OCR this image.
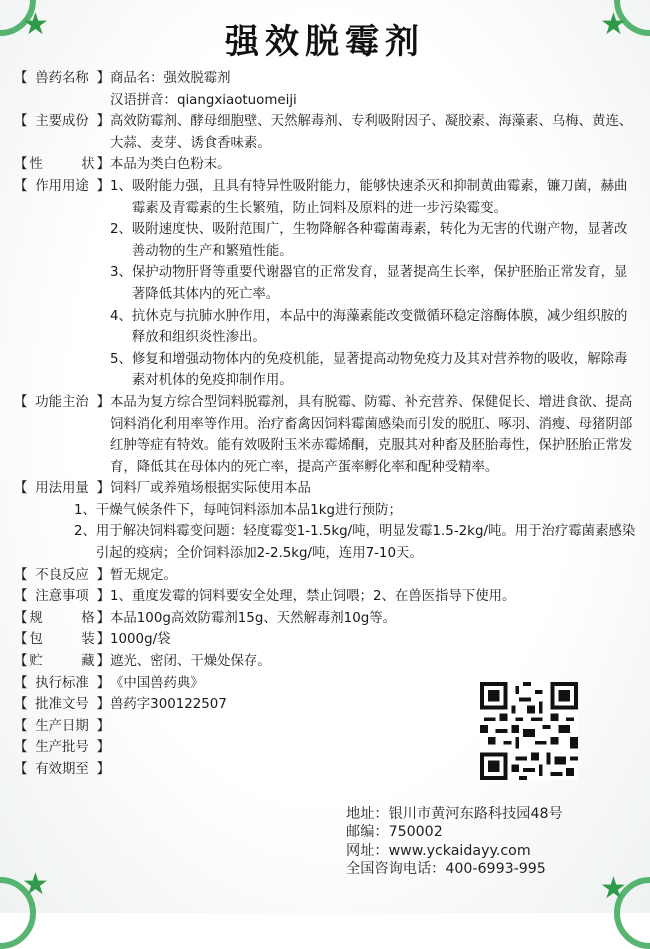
★	★
★	★
强效脱霉剂
【 兽药名称 】 商品名：强效脱霉剂
汉语拼音：qiangxiaotuomeiji
【 主要成份 】 高效防霉剂、酵母细胞壁、天然解毒剂、专利吸附因子、凝胶素、海藻素、乌梅、黄连、大蒜、麦芽、诱食香味素。
【 性	状 】 本品为类白色粉末。
【 作用用途 】 1、 吸附能力强，且具有特异性吸附能力，能够快速杀灭和抑制黄曲霉素，镰刀菌，赫曲霉素及青霉素的生长繁殖，防止饲料及原料的进一步污染霉变。
2、 吸附速度快、吸附范围广，生物降解各种霉菌毒素，转化为无害的代谢产物，显著改善动物的生产和繁殖性能。
3、 保护动物肝肾等重要代谢器官的正常发育，显著提高生长率，保护胚胎正常发育，显著降低其体内的死亡率。
4、 抗休克与抗肺水肿作用，本品中的海藻素能改变微循环稳定溶酶体膜，减少组织胺的释放和组织炎性渗出。
5、 修复和增强动物体内的免疫机能，显著提高动物免疫力及其对营养物的吸收，解除毒素对机体的免疫抑制作用。
【 功能主治 】 本品为复方综合型饲料脱霉剂，具有脱霉、防霉、补充营养、保健促长、增进食欲、提高饲料消化利用率等作用。治疗畜禽因饲料霉菌感染而引发的脱肛、啄羽、消瘦、母猪阴部红肿等症有特效。能有效吸附玉米赤霉烯酮，克服其对种畜及胚胎毒性，保护胚胎正常发育，降低其在母体内的死亡率，提高产蛋率孵化率和配种受精率。
【 用法用量 】 饲料厂或养殖场根据实际使用本品
1、 干燥气候条件下，每吨饲料添加本品1kg进行预防；
2、 用于解决饲料霉变问题：轻度霉变1-1.5kg/吨，明显发霉1.5-2kg/吨。用于治疗霉菌素感染引起的疫病；全价饲料添加2-2.5kg/吨，连用7-10天。
【 不良反应 】 暂无规定。
【 注意事项 】 1、重度发霉的饲料要安全处理，禁止饲喂；2、在兽医指导下使用。
【 规	格 】 本品100g高效防霉剂15g、天然解毒剂10g等。
【 包	装 】 1000g/袋
【 贮	藏 】 遮光、密闭、干燥处保存。
【 执行标准 】 《中国兽药典》
【 批准文号 】 兽药字300122507
【 生产日期 】
【 生产批号 】
【 有效期至 】
地址：银川市黄河东路科技园48号
邮编：750002
网址：www.yckaidayy.com
全国咨询电话：400-6993-995
